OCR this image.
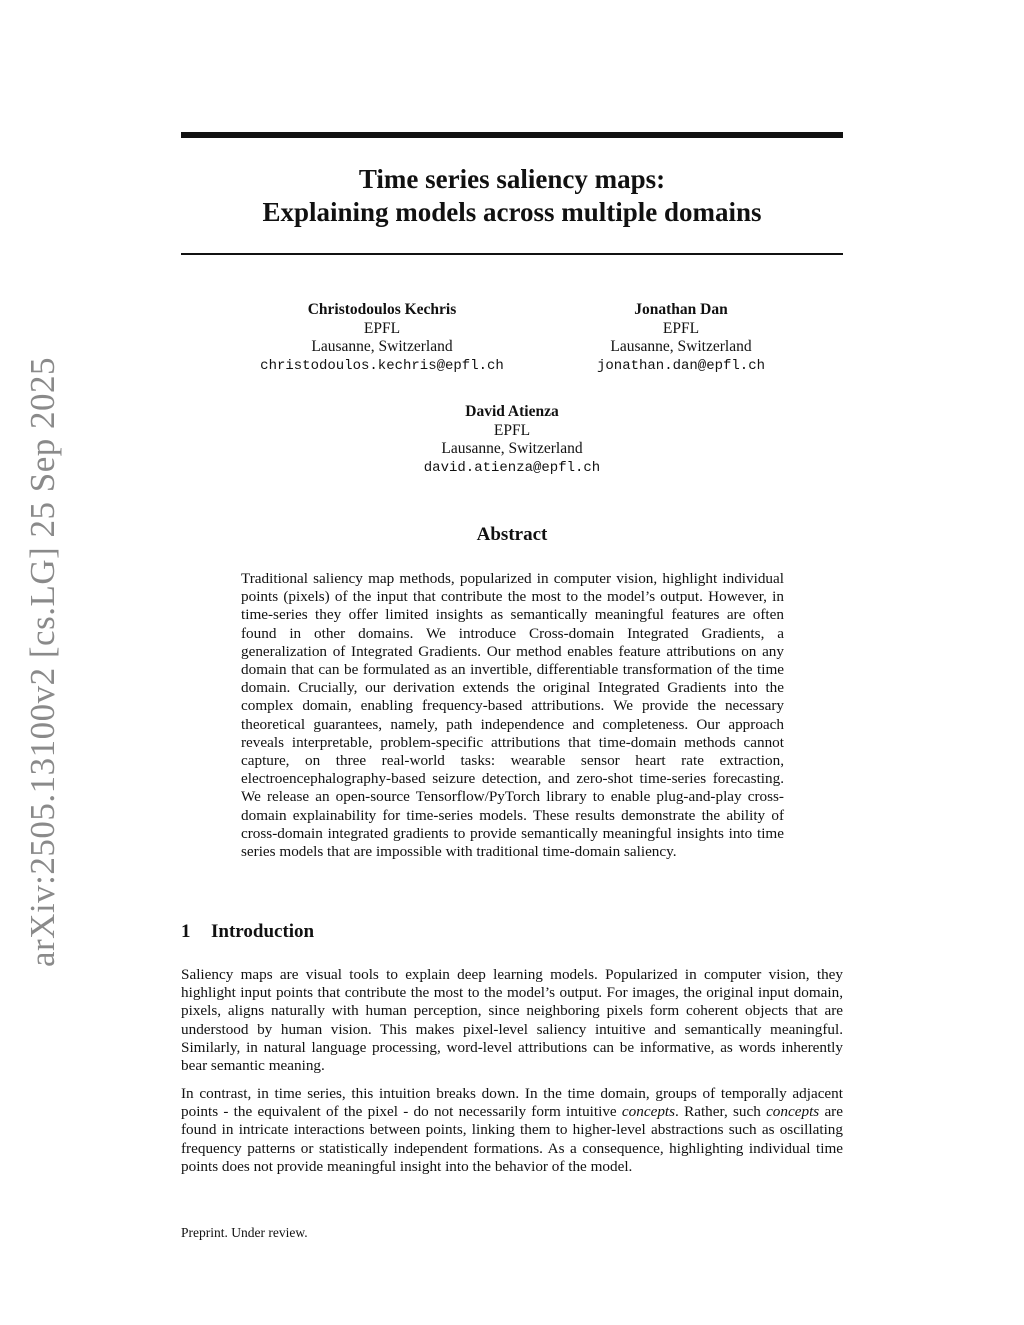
arXiv:2505.13100v2 [cs.LG] 25 Sep 2025
Time series saliency maps:
Explaining models across multiple domains
Christodoulos Kechris
EPFL
Lausanne, Switzerland
christodoulos.kechris@epfl.ch
Jonathan Dan
EPFL
Lausanne, Switzerland
jonathan.dan@epfl.ch
David Atienza
EPFL
Lausanne, Switzerland
david.atienza@epfl.ch
Abstract
Traditional saliency map methods, popularized in computer vision, highlight individual points (pixels) of the input that contribute the most to the model’s output. However, in time-series they offer limited insights as semantically meaningful features are often found in other domains. We introduce Cross-domain Integrated Gradients, a generalization of Integrated Gradients. Our method enables feature attributions on any domain that can be formulated as an invertible, differentiable transformation of the time domain. Crucially, our derivation extends the original Integrated Gradients into the complex domain, enabling frequency-based attributions. We provide the necessary theoretical guarantees, namely, path independence and completeness. Our approach reveals interpretable, problem-specific attributions that time-domain methods cannot capture, on three real-world tasks: wearable sensor heart rate extraction, electroencephalography-based seizure detection, and zero-shot time-series forecasting. We release an open-source Tensorflow/PyTorch library to enable plug-and-play cross-domain explainability for time-series models. These results demonstrate the ability of cross-domain integrated gradients to provide semantically meaningful insights into time series models that are impossible with traditional time-domain saliency.
1 Introduction

Saliency maps are visual tools to explain deep learning models. Popularized in computer vision, they highlight input points that contribute the most to the model’s output. For images, the original input domain, pixels, aligns naturally with human perception, since neighboring pixels form coherent objects that are understood by human vision. This makes pixel-level saliency intuitive and semantically meaningful. Similarly, in natural language processing, word-level attributions can be informative, as words inherently bear semantic meaning.

In contrast, in time series, this intuition breaks down. In the time domain, groups of temporally adjacent points - the equivalent of the pixel - do not necessarily form intuitive concepts. Rather, such concepts are found in intricate interactions between points, linking them to higher-level abstractions such as oscillating frequency patterns or statistically independent formations. As a consequence, highlighting individual time points does not provide meaningful insight into the behavior of the model.

Preprint. Under review.
